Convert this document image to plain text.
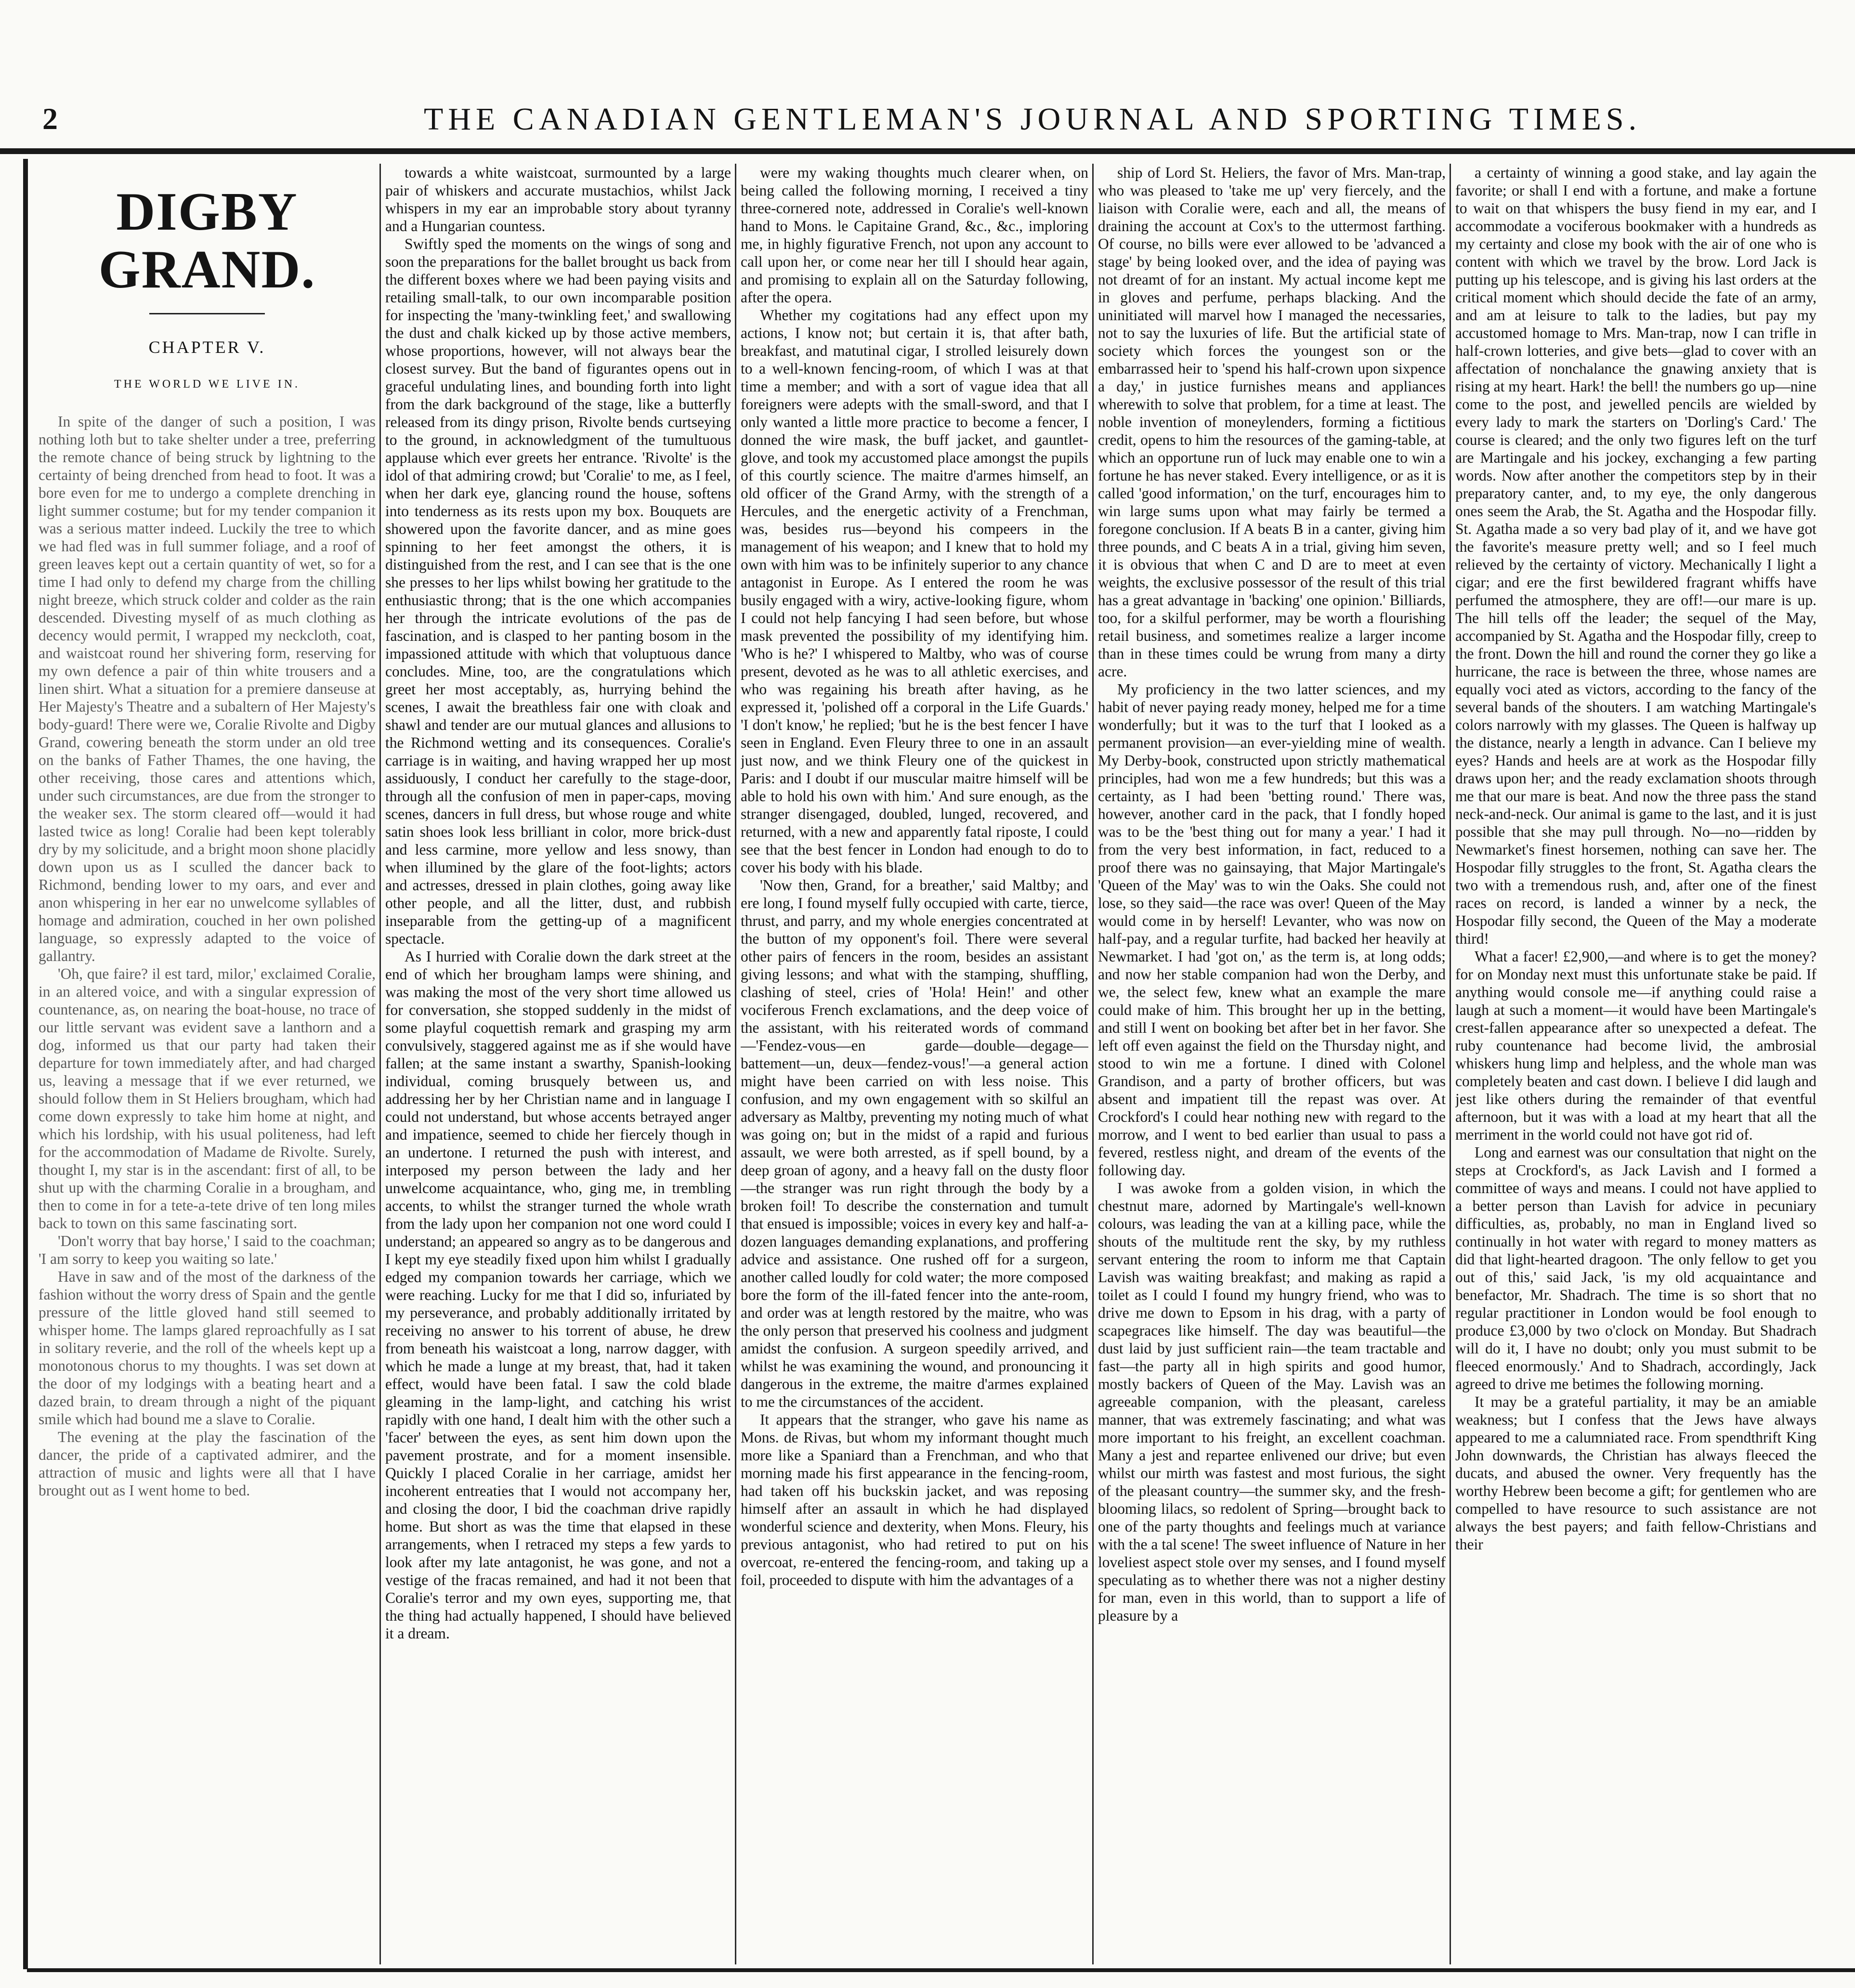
2	THE CANADIAN GENTLEMAN'S JOURNAL AND SPORTING TIMES.
DIGBY GRAND.
CHAPTER V.
THE WORLD WE LIVE IN.

In spite of the danger of such a position, I was nothing loth but to take shelter under a tree, preferring the remote chance of being struck by lightning to the certainty of being drenched from head to foot. It was a bore even for me to undergo a complete drenching in light summer costume; but for my tender companion it was a serious matter indeed. Luckily the tree to which we had fled was in full summer foliage, and a roof of green leaves kept out a certain quantity of wet, so for a time I had only to defend my charge from the chilling night breeze, which struck colder and colder as the rain descended. Divesting myself of as much clothing as decency would permit, I wrapped my neckcloth, coat, and waistcoat round her shivering form, reserving for my own defence a pair of thin white trousers and a linen shirt. What a situation for a premiere danseuse at Her Majesty's Theatre and a subaltern of Her Majesty's body-guard! There were we, Coralie Rivolte and Digby Grand, cowering beneath the storm under an old tree on the banks of Father Thames, the one having, the other receiving, those cares and attentions which, under such circumstances, are due from the stronger to the weaker sex. The storm cleared off—would it had lasted twice as long! Coralie had been kept tolerably dry by my solicitude, and a bright moon shone placidly down upon us as I sculled the dancer back to Richmond, bending lower to my oars, and ever and anon whispering in her ear no unwelcome syllables of homage and admiration, couched in her own polished language, so expressly adapted to the voice of gallantry.

'Oh, que faire? il est tard, milor,' exclaimed Coralie, in an altered voice, and with a singular expression of countenance, as, on nearing the boat-house, no trace of our little servant was evident save a lanthorn and a dog, informed us that our party had taken their departure for town immediately after, and had charged us, leaving a message that if we ever returned, we should follow them in St Heliers brougham, which had come down expressly to take him home at night, and which his lordship, with his usual politeness, had left for the accommodation of Madame de Rivolte. Surely, thought I, my star is in the ascendant: first of all, to be shut up with the charming Coralie in a brougham, and then to come in for a tete-a-tete drive of ten long miles back to town on this same fascinating sort.

'Don't worry that bay horse,' I said to the coachman; 'I am sorry to keep you waiting so late.'

Have in saw and of the most of the darkness of the fashion without the worry dress of Spain and the gentle pressure of the little gloved hand still seemed to whisper home. The lamps glared reproachfully as I sat in solitary reverie, and the roll of the wheels kept up a monotonous chorus to my thoughts. I was set down at the door of my lodgings with a beating heart and a dazed brain, to dream through a night of the piquant smile which had bound me a slave to Coralie.

The evening at the play the fascination of the dancer, the pride of a captivated admirer, and the attraction of music and lights were all that I have brought out as I went home to bed.

towards a white waistcoat, surmounted by a large pair of whiskers and accurate mustachios, whilst Jack whispers in my ear an improbable story about tyranny and a Hungarian countess.

Swiftly sped the moments on the wings of song and soon the preparations for the ballet brought us back from the different boxes where we had been paying visits and retailing small-talk, to our own incomparable position for inspecting the 'many-twinkling feet,' and swallowing the dust and chalk kicked up by those active members, whose proportions, however, will not always bear the closest survey. But the band of figurantes opens out in graceful undulating lines, and bounding forth into light from the dark background of the stage, like a butterfly released from its dingy prison, Rivolte bends curtseying to the ground, in acknowledgment of the tumultuous applause which ever greets her entrance. 'Rivolte' is the idol of that admiring crowd; but 'Coralie' to me, as I feel, when her dark eye, glancing round the house, softens into tenderness as its rests upon my box. Bouquets are showered upon the favorite dancer, and as mine goes spinning to her feet amongst the others, it is distinguished from the rest, and I can see that is the one she presses to her lips whilst bowing her gratitude to the enthusiastic throng; that is the one which accompanies her through the intricate evolutions of the pas de fascination, and is clasped to her panting bosom in the impassioned attitude with which that voluptuous dance concludes. Mine, too, are the congratulations which greet her most acceptably, as, hurrying behind the scenes, I await the breathless fair one with cloak and shawl and tender are our mutual glances and allusions to the Richmond wetting and its consequences. Coralie's carriage is in waiting, and having wrapped her up most assiduously, I conduct her carefully to the stage-door, through all the confusion of men in paper-caps, moving scenes, dancers in full dress, but whose rouge and white satin shoes look less brilliant in color, more brick-dust and less carmine, more yellow and less snowy, than when illumined by the glare of the foot-lights; actors and actresses, dressed in plain clothes, going away like other people, and all the litter, dust, and rubbish inseparable from the getting-up of a magnificent spectacle.

As I hurried with Coralie down the dark street at the end of which her brougham lamps were shining, and was making the most of the very short time allowed us for conversation, she stopped suddenly in the midst of some playful coquettish remark and grasping my arm convulsively, staggered against me as if she would have fallen; at the same instant a swarthy, Spanish-looking individual, coming brusquely between us, and addressing her by her Christian name and in language I could not understand, but whose accents betrayed anger and impatience, seemed to chide her fiercely though in an undertone. I returned the push with interest, and interposed my person between the lady and her unwelcome acquaintance, who, ging me, in trembling accents, to whilst the stranger turned the whole wrath from the lady upon her companion not one word could I understand; an appeared so angry as to be dangerous and I kept my eye steadily fixed upon him whilst I gradually edged my companion towards her carriage, which we were reaching. Lucky for me that I did so, infuriated by my perseverance, and probably additionally irritated by receiving no answer to his torrent of abuse, he drew from beneath his waistcoat a long, narrow dagger, with which he made a lunge at my breast, that, had it taken effect, would have been fatal. I saw the cold blade gleaming in the lamp-light, and catching his wrist rapidly with one hand, I dealt him with the other such a 'facer' between the eyes, as sent him down upon the pavement prostrate, and for a moment insensible. Quickly I placed Coralie in her carriage, amidst her incoherent entreaties that I would not accompany her, and closing the door, I bid the coachman drive rapidly home. But short as was the time that elapsed in these arrangements, when I retraced my steps a few yards to look after my late antagonist, he was gone, and not a vestige of the fracas remained, and had it not been that Coralie's terror and my own eyes, supporting me, that the thing had actually happened, I should have believed it a dream.

were my waking thoughts much clearer when, on being called the following morning, I received a tiny three-cornered note, addressed in Coralie's well-known hand to Mons. le Capitaine Grand, &c., &c., imploring me, in highly figurative French, not upon any account to call upon her, or come near her till I should hear again, and promising to explain all on the Saturday following, after the opera.

Whether my cogitations had any effect upon my actions, I know not; but certain it is, that after bath, breakfast, and matutinal cigar, I strolled leisurely down to a well-known fencing-room, of which I was at that time a member; and with a sort of vague idea that all foreigners were adepts with the small-sword, and that I only wanted a little more practice to become a fencer, I donned the wire mask, the buff jacket, and gauntlet-glove, and took my accustomed place amongst the pupils of this courtly science. The maitre d'armes himself, an old officer of the Grand Army, with the strength of a Hercules, and the energetic activity of a Frenchman, was, besides rus—beyond his compeers in the management of his weapon; and I knew that to hold my own with him was to be infinitely superior to any chance antagonist in Europe. As I entered the room he was busily engaged with a wiry, active-looking figure, whom I could not help fancying I had seen before, but whose mask prevented the possibility of my identifying him. 'Who is he?' I whispered to Maltby, who was of course present, devoted as he was to all athletic exercises, and who was regaining his breath after having, as he expressed it, 'polished off a corporal in the Life Guards.' 'I don't know,' he replied; 'but he is the best fencer I have seen in England. Even Fleury three to one in an assault just now, and we think Fleury one of the quickest in Paris: and I doubt if our muscular maitre himself will be able to hold his own with him.' And sure enough, as the stranger disengaged, doubled, lunged, recovered, and returned, with a new and apparently fatal riposte, I could see that the best fencer in London had enough to do to cover his body with his blade.

'Now then, Grand, for a breather,' said Maltby; and ere long, I found myself fully occupied with carte, tierce, thrust, and parry, and my whole energies concentrated at the button of my opponent's foil. There were several other pairs of fencers in the room, besides an assistant giving lessons; and what with the stamping, shuffling, clashing of steel, cries of 'Hola! Hein!' and other vociferous French exclamations, and the deep voice of the assistant, with his reiterated words of command—'Fendez-vous—en garde—double—degage—battement—un, deux—fendez-vous!'—a general action might have been carried on with less noise. This confusion, and my own engagement with so skilful an adversary as Maltby, preventing my noting much of what was going on; but in the midst of a rapid and furious assault, we were both arrested, as if spell bound, by a deep groan of agony, and a heavy fall on the dusty floor—the stranger was run right through the body by a broken foil! To describe the consternation and tumult that ensued is impossible; voices in every key and half-a-dozen languages demanding explanations, and proffering advice and assistance. One rushed off for a surgeon, another called loudly for cold water; the more composed bore the form of the ill-fated fencer into the ante-room, and order was at length restored by the maitre, who was the only person that preserved his coolness and judgment amidst the confusion. A surgeon speedily arrived, and whilst he was examining the wound, and pronouncing it dangerous in the extreme, the maitre d'armes explained to me the circumstances of the accident.

It appears that the stranger, who gave his name as Mons. de Rivas, but whom my informant thought much more like a Spaniard than a Frenchman, and who that morning made his first appearance in the fencing-room, had taken off his buckskin jacket, and was reposing himself after an assault in which he had displayed wonderful science and dexterity, when Mons. Fleury, his previous antagonist, who had retired to put on his overcoat, re-entered the fencing-room, and taking up a foil, proceeded to dispute with him the advantages of a

ship of Lord St. Heliers, the favor of Mrs. Man-trap, who was pleased to 'take me up' very fiercely, and the liaison with Coralie were, each and all, the means of draining the account at Cox's to the uttermost farthing. Of course, no bills were ever allowed to be 'advanced a stage' by being looked over, and the idea of paying was not dreamt of for an instant. My actual income kept me in gloves and perfume, perhaps blacking. And the uninitiated will marvel how I managed the necessaries, not to say the luxuries of life. But the artificial state of society which forces the youngest son or the embarrassed heir to 'spend his half-crown upon sixpence a day,' in justice furnishes means and appliances wherewith to solve that problem, for a time at least. The noble invention of moneylenders, forming a fictitious credit, opens to him the resources of the gaming-table, at which an opportune run of luck may enable one to win a fortune he has never staked. Every intelligence, or as it is called 'good information,' on the turf, encourages him to win large sums upon what may fairly be termed a foregone conclusion. If A beats B in a canter, giving him three pounds, and C beats A in a trial, giving him seven, it is obvious that when C and D are to meet at even weights, the exclusive possessor of the result of this trial has a great advantage in 'backing' one opinion.' Billiards, too, for a skilful performer, may be worth a flourishing retail business, and sometimes realize a larger income than in these times could be wrung from many a dirty acre.

My proficiency in the two latter sciences, and my habit of never paying ready money, helped me for a time wonderfully; but it was to the turf that I looked as a permanent provision—an ever-yielding mine of wealth. My Derby-book, constructed upon strictly mathematical principles, had won me a few hundreds; but this was a certainty, as I had been 'betting round.' There was, however, another card in the pack, that I fondly hoped was to be the 'best thing out for many a year.' I had it from the very best information, in fact, reduced to a proof there was no gainsaying, that Major Martingale's 'Queen of the May' was to win the Oaks. She could not lose, so they said—the race was over! Queen of the May would come in by herself! Levanter, who was now on half-pay, and a regular turfite, had backed her heavily at Newmarket. I had 'got on,' as the term is, at long odds; and now her stable companion had won the Derby, and we, the select few, knew what an example the mare could make of him. This brought her up in the betting, and still I went on booking bet after bet in her favor. She left off even against the field on the Thursday night, and stood to win me a fortune. I dined with Colonel Grandison, and a party of brother officers, but was absent and impatient till the repast was over. At Crockford's I could hear nothing new with regard to the morrow, and I went to bed earlier than usual to pass a fevered, restless night, and dream of the events of the following day.

I was awoke from a golden vision, in which the chestnut mare, adorned by Martingale's well-known colours, was leading the van at a killing pace, while the shouts of the multitude rent the sky, by my ruthless servant entering the room to inform me that Captain Lavish was waiting breakfast; and making as rapid a toilet as I could I found my hungry friend, who was to drive me down to Epsom in his drag, with a party of scapegraces like himself. The day was beautiful—the dust laid by just sufficient rain—the team tractable and fast—the party all in high spirits and good humor, mostly backers of Queen of the May. Lavish was an agreeable companion, with the pleasant, careless manner, that was extremely fascinating; and what was more important to his freight, an excellent coachman. Many a jest and repartee enlivened our drive; but even whilst our mirth was fastest and most furious, the sight of the pleasant country—the summer sky, and the fresh-blooming lilacs, so redolent of Spring—brought back to one of the party thoughts and feelings much at variance with the a tal scene! The sweet influence of Nature in her loveliest aspect stole over my senses, and I found myself speculating as to whether there was not a nigher destiny for man, even in this world, than to support a life of pleasure by a

a certainty of winning a good stake, and lay again the favorite; or shall I end with a fortune, and make a fortune to wait on that whispers the busy fiend in my ear, and I accommodate a vociferous bookmaker with a hundreds as my certainty and close my book with the air of one who is content with which we travel by the brow. Lord Jack is putting up his telescope, and is giving his last orders at the critical moment which should decide the fate of an army, and am at leisure to talk to the ladies, but pay my accustomed homage to Mrs. Man-trap, now I can trifle in half-crown lotteries, and give bets—glad to cover with an affectation of nonchalance the gnawing anxiety that is rising at my heart. Hark! the bell! the numbers go up—nine come to the post, and jewelled pencils are wielded by every lady to mark the starters on 'Dorling's Card.' The course is cleared; and the only two figures left on the turf are Martingale and his jockey, exchanging a few parting words. Now after another the competitors step by in their preparatory canter, and, to my eye, the only dangerous ones seem the Arab, the St. Agatha and the Hospodar filly. St. Agatha made a so very bad play of it, and we have got the favorite's measure pretty well; and so I feel much relieved by the certainty of victory. Mechanically I light a cigar; and ere the first bewildered fragrant whiffs have perfumed the atmosphere, they are off!—our mare is up. The hill tells off the leader; the sequel of the May, accompanied by St. Agatha and the Hospodar filly, creep to the front. Down the hill and round the corner they go like a hurricane, the race is between the three, whose names are equally voci ated as victors, according to the fancy of the several bands of the shouters. I am watching Martingale's colors narrowly with my glasses. The Queen is halfway up the distance, nearly a length in advance. Can I believe my eyes? Hands and heels are at work as the Hospodar filly draws upon her; and the ready exclamation shoots through me that our mare is beat. And now the three pass the stand neck-and-neck. Our animal is game to the last, and it is just possible that she may pull through. No—no—ridden by Newmarket's finest horsemen, nothing can save her. The Hospodar filly struggles to the front, St. Agatha clears the two with a tremendous rush, and, after one of the finest races on record, is landed a winner by a neck, the Hospodar filly second, the Queen of the May a moderate third!

What a facer! £2,900,—and where is to get the money? for on Monday next must this unfortunate stake be paid. If anything would console me—if anything could raise a laugh at such a moment—it would have been Martingale's crest-fallen appearance after so unexpected a defeat. The ruby countenance had become livid, the ambrosial whiskers hung limp and helpless, and the whole man was completely beaten and cast down. I believe I did laugh and jest like others during the remainder of that eventful afternoon, but it was with a load at my heart that all the merriment in the world could not have got rid of.

Long and earnest was our consultation that night on the steps at Crockford's, as Jack Lavish and I formed a committee of ways and means. I could not have applied to a better person than Lavish for advice in pecuniary difficulties, as, probably, no man in England lived so continually in hot water with regard to money matters as did that light-hearted dragoon. 'The only fellow to get you out of this,' said Jack, 'is my old acquaintance and benefactor, Mr. Shadrach. The time is so short that no regular practitioner in London would be fool enough to produce £3,000 by two o'clock on Monday. But Shadrach will do it, I have no doubt; only you must submit to be fleeced enormously.' And to Shadrach, accordingly, Jack agreed to drive me betimes the following morning.

It may be a grateful partiality, it may be an amiable weakness; but I confess that the Jews have always appeared to me a calumniated race. From spendthrift King John downwards, the Christian has always fleeced the ducats, and abused the owner. Very frequently has the worthy Hebrew been become a gift; for gentlemen who are compelled to have resource to such assistance are not always the best payers; and faith fellow-Christians and their
